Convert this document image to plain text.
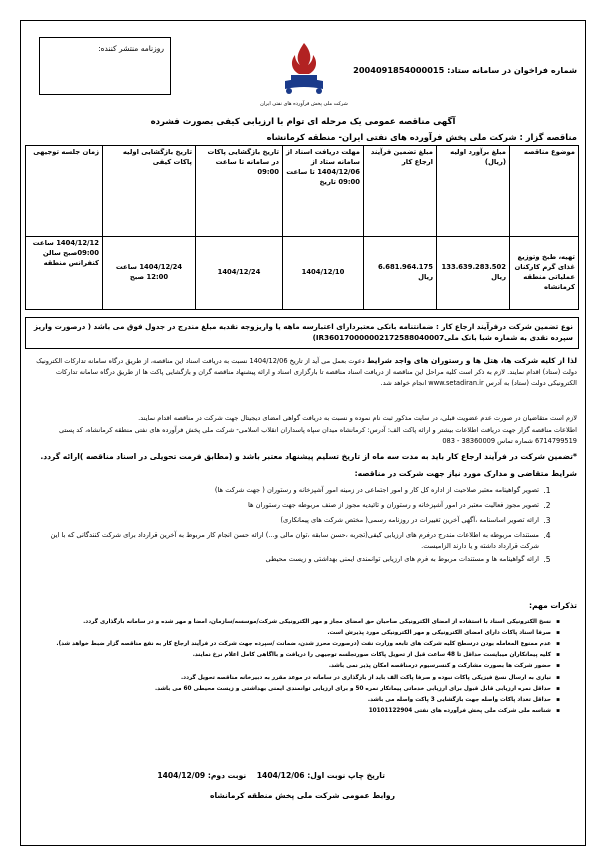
روزنامه منتشر کننده:
شرکت ملی پخش فرآورده های نفتی ایران
شماره فراخوان در سامانه ستاد: 2004091854000015
آگهی مناقصه عمومی یک مرحله ای توام با ارزیابی کیفی بصورت فشرده
مناقصه گزار : شرکت ملی پخش فرآورده های نفتی ایران- منطقه کرمانشاه
موضوع مناقصه	مبلغ برآورد اولیه (ریال)	مبلغ تضمین فرآیند ارجاع کار	مهلت دریافت اسناد از سامانه ستاد از 1404/12/06 تا ساعت 09:00 تاریخ	تاریخ بازگشایی پاکات در سامانه تا ساعت 09:00	تاریخ بازگشایی اولیه پاکات کیفی	زمان جلسه توجیهی
تهیه، طبخ وتوزیع غذای گرم کارکنان عملیاتی منطقه کرمانشاه	133.639.283.502 ریال	6.681.964.175 ریال	1404/12/10	1404/12/24	1404/12/24 ساعت 12:00 صبح	1404/12/12 ساعت 09:00صبح سالن کنفرانس منطقه
نوع تضمین شرکت درفرآیند ارجاع کار : ضمانتنامه بانکی معتبردارای اعتبارسه ماهه یا واریزوجه نقدبه مبلغ مندرج در جدول فوق می باشد ( درصورت واریز سپرده نقدی به شماره شبا بانک ملیIR360170000002172588040007)
لذا از کلیه شرکت ها، هتل ها و رستوران های واجد شرایط دعوت بعمل می آید از تاریخ 1404/12/06 نسبت به دریافت اسناد این مناقصه، از طریق درگاه سامانه تدارکات الکترونیک دولت (ستاد) اقدام نمایند. لازم به ذکر است کلیه مراحل این مناقصه از دریافت اسناد مناقصه تا بارگزاری اسناد و ارائه پیشنهاد مناقصه گران و بازگشایی پاکت ها از طریق درگاه سامانه تدارکات الکترونیکی دولت (ستاد) به آدرس www.setadiran.ir انجام خواهد شد.
لازم است متقاضیان در صورت عدم عضویت قبلی، در سایت مذکور ثبت نام نموده و نسبت به دریافت گواهی امضای دیجیتال جهت شرکت در مناقصه اقدام نمایند.
اطلاعات مناقصه گزار جهت دریافت اطلاعات بیشتر و ارائه پاکت الف: آدرس: کرمانشاه میدان سپاه پاسداران انقلاب اسلامی- شرکت ملی پخش فرآورده های نفتی منطقه کرمانشاه، کد پستی 6714799519 شماره تماس 38360009 - 083
*تضمین شرکت در فرآیند ارجاع کار باید به مدت سه ماه از تاریخ تسلیم پیشنهاد معتبر باشد و (مطابق فرمت تحویلی در اسناد مناقصه )ارائه گردد.
شرایط متقاضی و مدارک مورد نیاز جهت شرکت در مناقصه:
1.
تصویر گواهینامه معتبر صلاحیت از اداره کل کار و امور اجتماعی در زمینه امور آشپزخانه و رستوران ( جهت شرکت ها)
2.
تصویر مجوز فعالیت معتبر در امور آشپزخانه و رستوران و تائیدیه مجوز از صنف مربوطه جهت رستوران ها
3.
ارائه تصویر اساسنامه ،آگهی آخرین تغییرات در روزنامه رسمی( مختص شرکت های پیمانکاری)
4.
مستندات مربوطه به اطلاعات مندرج درفرم های ارزیابی کیفی(تجربه ،حسن سابقه ،توان مالی و...) ارائه حسن انجام کار مربوط به آخرین قرارداد برای شرکت کنندگانی که با این شرکت قرارداد داشته و یا دارند الزامیست.
5.
ارائه گواهینامه ها و مستندات مربوط به فرم های ارزیابی توانمندی ایمنی بهداشتی و زیست محیطی
تذکرات مهم:
▪
نسخ الکترونیکی اسناد با استفاده از امضای الکترونیکی صاحبان حق امضای مجاز و مهر الکترونیکی شرکت/موسسه/سازمان، امضا و مهر شده و در سامانه بارگذاری گردد.
▪
صرفا اسناد پاکات دارای امضای الکترونیکی و مهر الکترونیکی مورد پذیرش است.
▪
عدم ممنوع المعامله بودن درسطح کلیه شرکت های تابعه وزارت نفت (درصورت محرز شدن، ضمانت /سپرده جهت شرکت در فرآیند ارجاع کار به نفع مناقصه گزار ضبط خواهد شد).
▪
کلیه پیمانکاران میبایست حداقل تا 48 ساعت قبل از تحویل پاکات صورتجلسه توجیهی را دریافت و بااگاهی کامل اعلام نرخ نمایند.
▪
حضور شرکت ها بصورت مشارکت و کنسرسیوم درمناقصه امکان پذیر نمی باشد.
▪
نیازی به ارسال نسخ فیزیکی پاکات نبوده و صرفا پاکت الف باید از بارگذاری در سامانه در موعد مقرر به دبیرخانه مناقصه تحویل گردد.
▪
حداقل نمره ارزیابی قابل قبول برای ارزیابی خدماتی پیمانکار نمره 50 و برای ارزیابی توانمندی ایمنی بهداشتی و زیست محیطی 60 می باشد.
▪
حداقل تعداد پاکات واصله جهت بازگشایی 3 پاکت واصله می باشد.
▪
شناسه ملی شرکت ملی پخش فرآورده های نفتی 10101122904
تاریخ چاپ نوبت اول: 1404/12/06    نوبت دوم: 1404/12/09
روابط عمومی شرکت ملی پخش منطقه کرمانشاه
